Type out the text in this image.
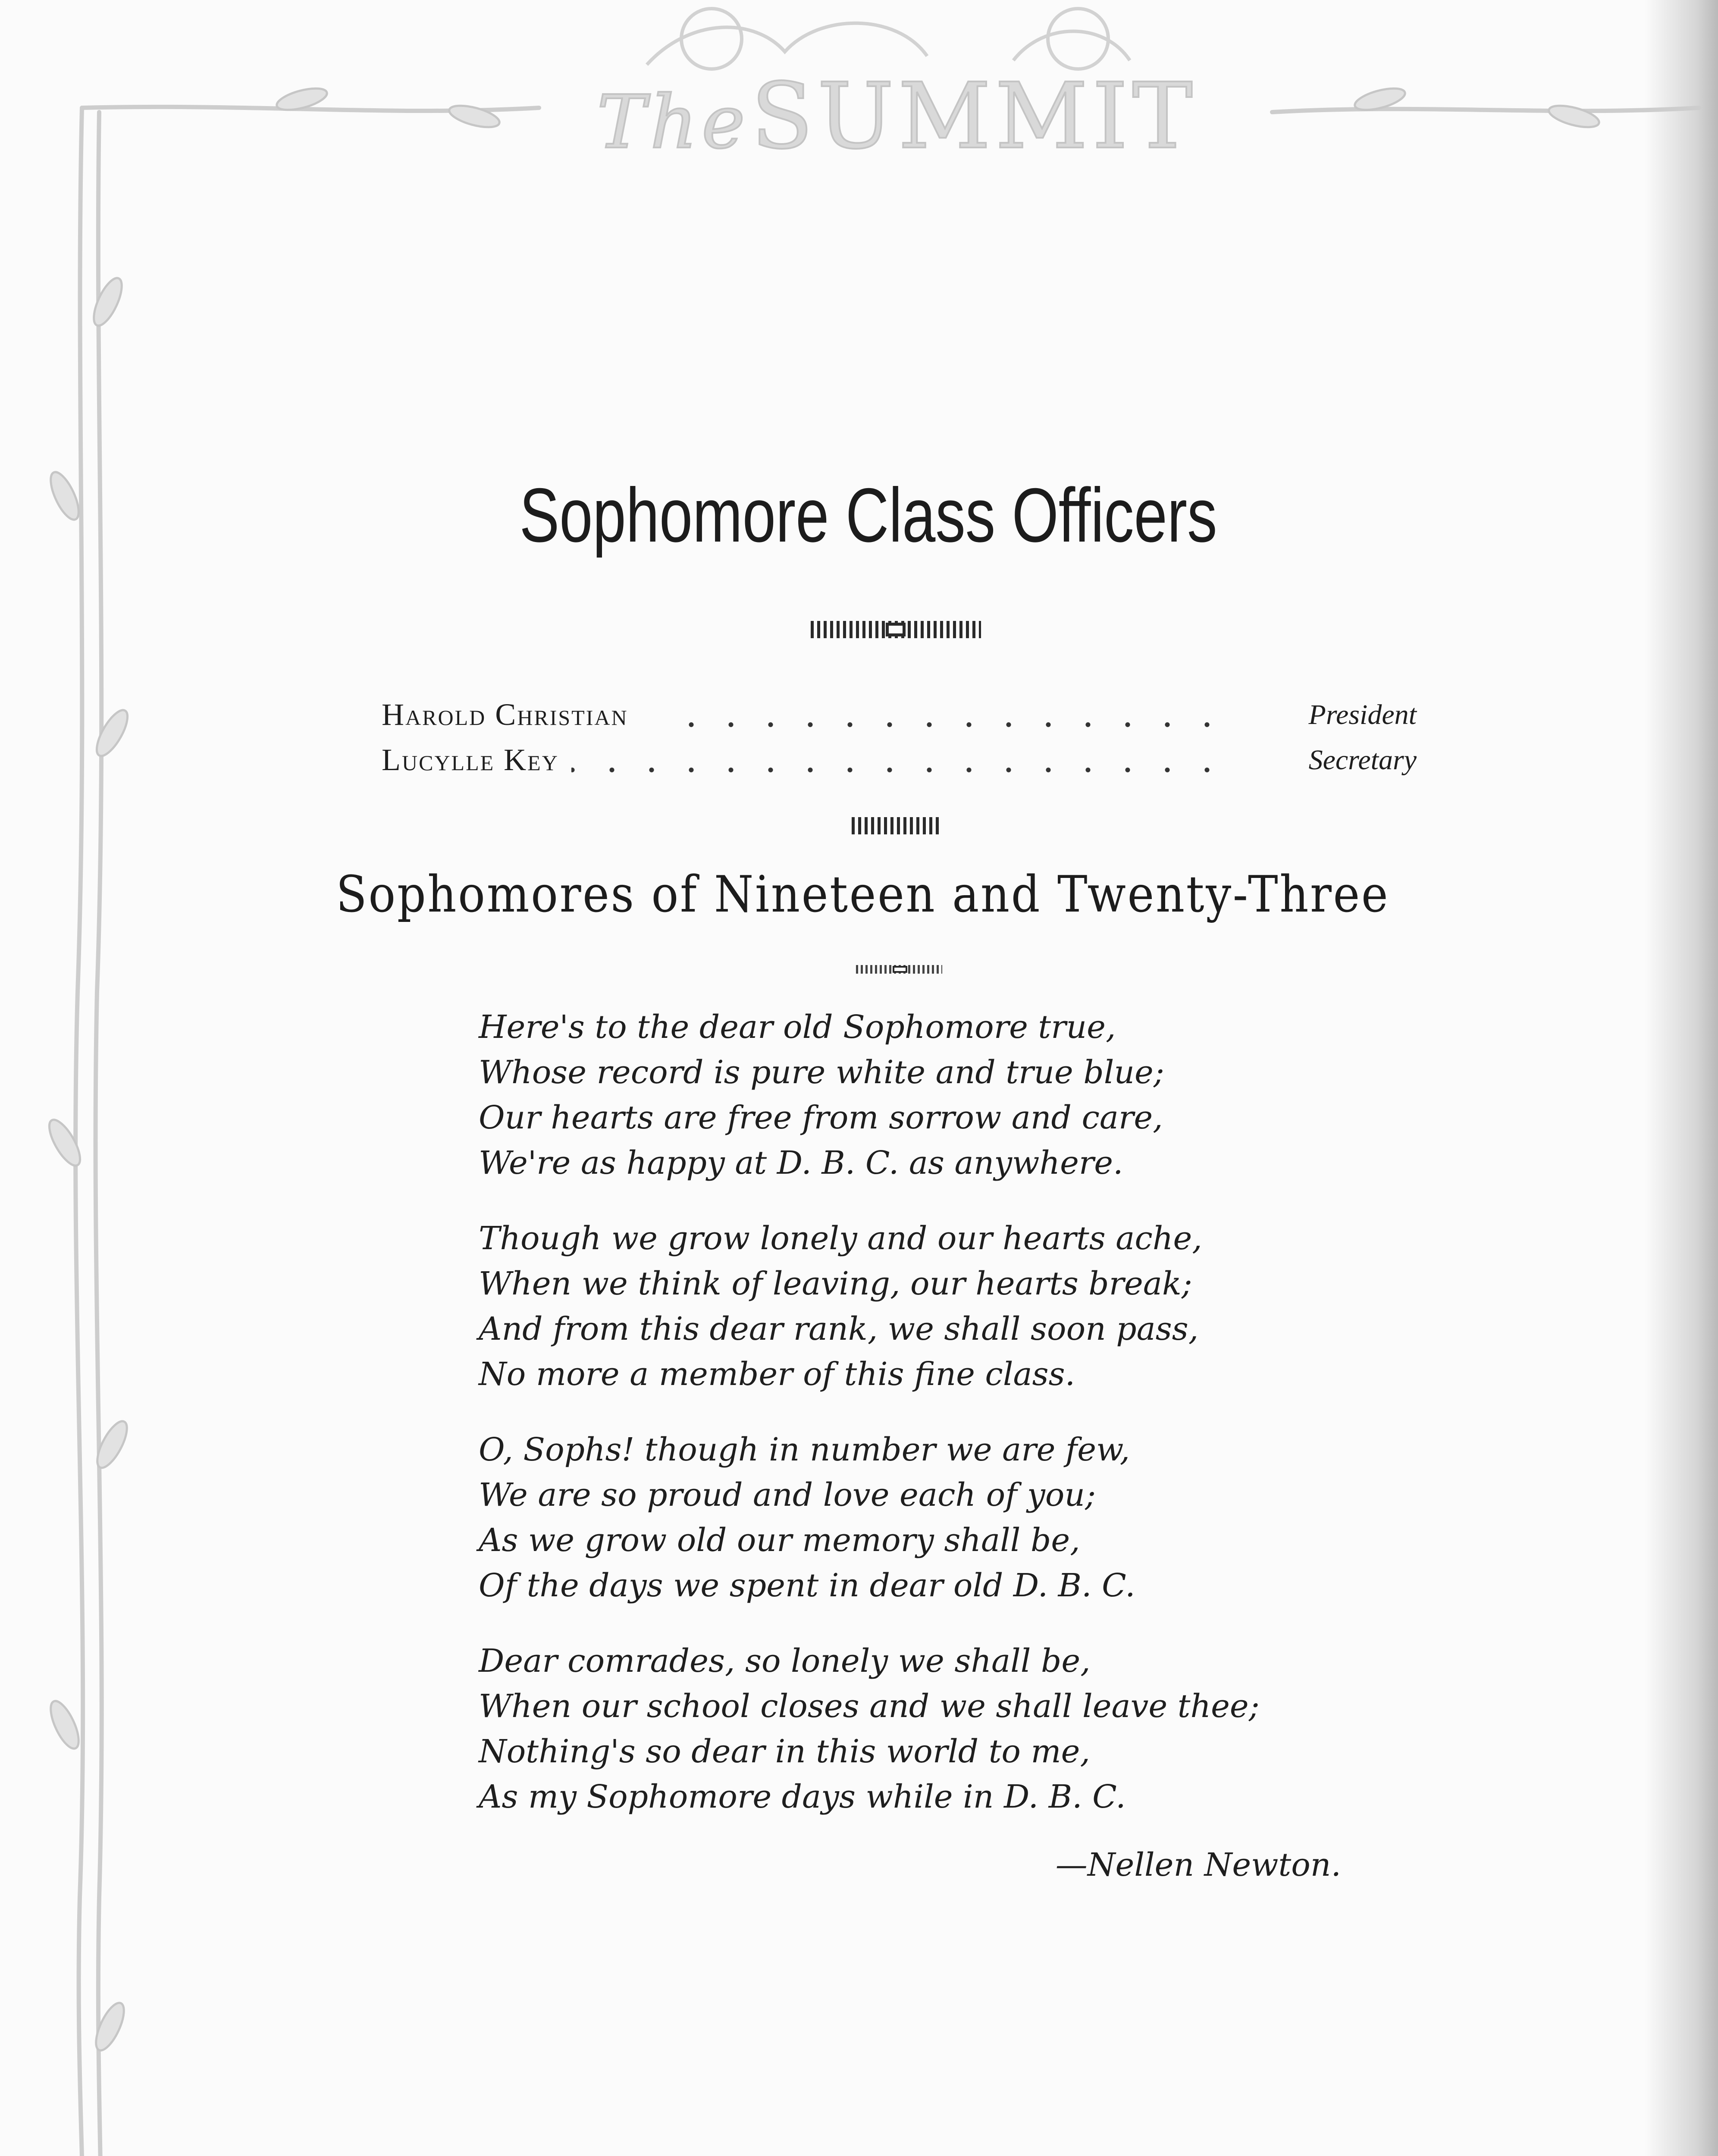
The SUMMIT
Sophomore Class Officers
Harold Christian	President
Lucylle Key	Secretary
Sophomores of Nineteen and Twenty-Three
Here's to the dear old Sophomore true,
Whose record is pure white and true blue;
Our hearts are free from sorrow and care,
We're as happy at D. B. C. as anywhere.
Though we grow lonely and our hearts ache,
When we think of leaving, our hearts break;
And from this dear rank, we shall soon pass,
No more a member of this fine class.
O, Sophs! though in number we are few,
We are so proud and love each of you;
As we grow old our memory shall be,
Of the days we spent in dear old D. B. C.
Dear comrades, so lonely we shall be,
When our school closes and we shall leave thee;
Nothing's so dear in this world to me,
As my Sophomore days while in D. B. C.
—Nellen Newton.
